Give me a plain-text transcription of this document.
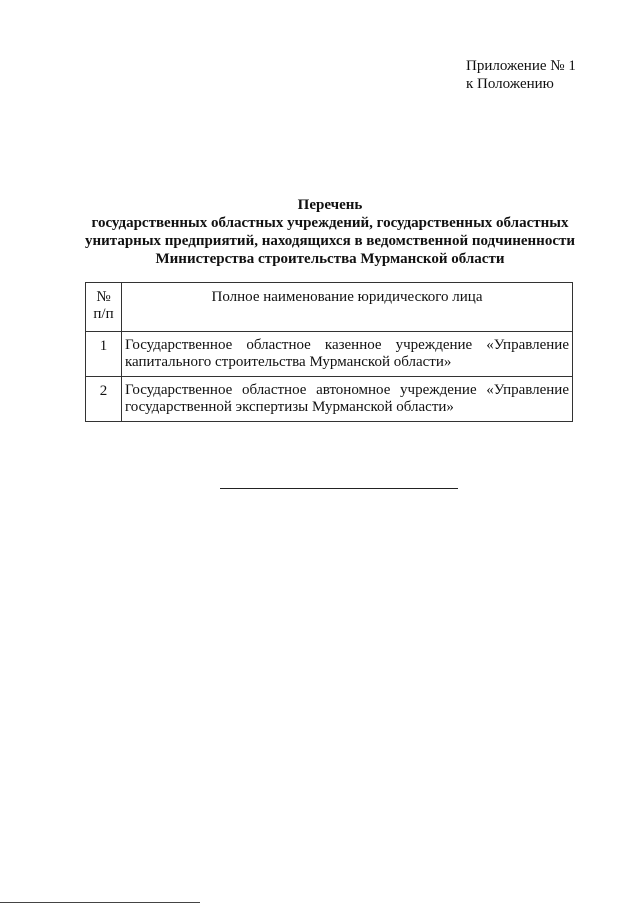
Приложение № 1
к Положению
Перечень
государственных областных учреждений, государственных областных
унитарных предприятий, находящихся в ведомственной подчиненности
Министерства строительства Мурманской области
№
п/п	Полное наименование юридического лица
1	Государственное областное казенное учреждение «Управление капитального строительства Мурманской области»
2	Государственное областное автономное учреждение «Управление государственной экспертизы Мурманской области»
